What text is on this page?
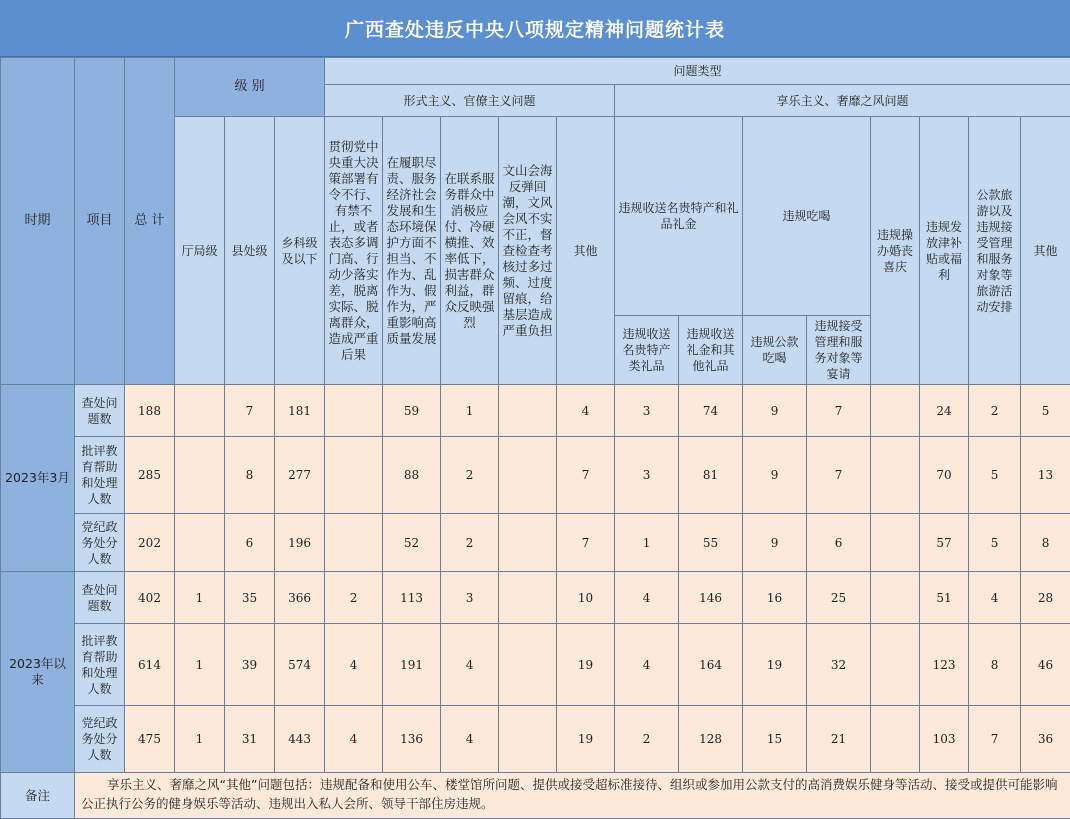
广西查处违反中央八项规定精神问题统计表
时期	项目	总 计	级 别			问题类型												
						形式主义、官僚主义问题					享乐主义、奢靡之风问题							
			厅局级	县处级	乡科级及以下	贯彻党中央重大决策部署有令不行、有禁不止，或者表态多调门高、行动少落实差，脱离实际、脱离群众，造成严重后果	在履职尽责、服务经济社会发展和生态环境保护方面不担当、不作为、乱作为、假作为，严重影响高质量发展	在联系服务群众中消极应付、冷硬横推、效率低下，损害群众利益，群众反映强烈	文山会海反弹回潮，文风会风不实不正，督查检查考核过多过频、过度留痕，给基层造成严重负担	其他	违规收送名贵特产和礼品礼金		违规吃喝		违规操办婚丧喜庆	违规发放津补贴或福利	公款旅游以及违规接受管理和服务对象等旅游活动安排	其他
											违规收送名贵特产类礼品	违规收送礼金和其他礼品	违规公款吃喝	违规接受管理和服务对象等宴请				
2023年3月	查处问题数	188		7	181		59	1		4	3	74	9	7		24	2	5
	批评教育帮助和处理人数	285		8	277		88	2		7	3	81	9	7		70	5	13
	党纪政务处分人数	202		6	196		52	2		7	1	55	9	6		57	5	8
2023年以来	查处问题数	402	1	35	366	2	113	3		10	4	146	16	25		51	4	28
	批评教育帮助和处理人数	614	1	39	574	4	191	4		19	4	164	19	32		123	8	46
	党纪政务处分人数	475	1	31	443	4	136	4		19	2	128	15	21		103	7	36
备注	享乐主义、奢靡之风“其他”问题包括：违规配备和使用公车、楼堂馆所问题、提供或接受超标准接待、组织或参加用公款支付的高消费娱乐健身等活动、接受或提供可能影响公正执行公务的健身娱乐等活动、违规出入私人会所、领导干部住房违规。																	
